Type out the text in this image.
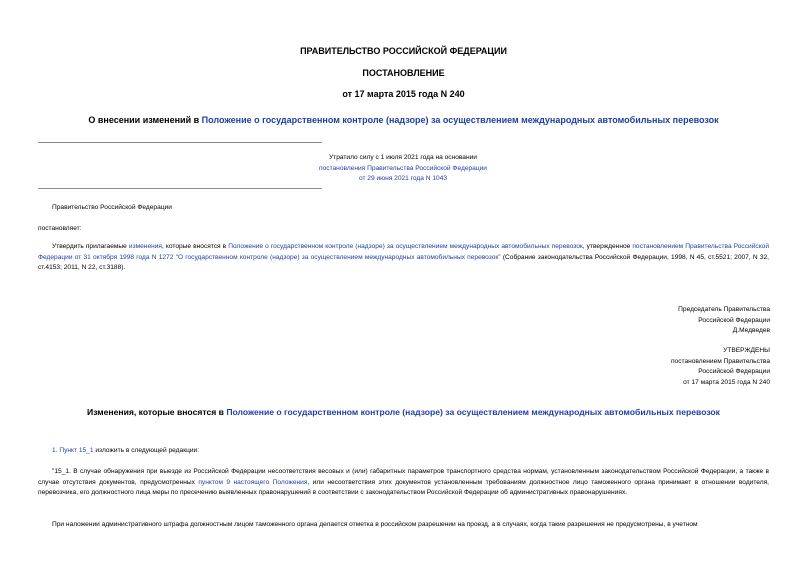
ПРАВИТЕЛЬСТВО РОССИЙСКОЙ ФЕДЕРАЦИИ
ПОСТАНОВЛЕНИЕ
от 17 марта 2015 года N 240
О внесении изменений в Положение о государственном контроле (надзоре) за осуществлением международных автомобильных перевозок
Утратило силу с 1 июля 2021 года на основании
постановления Правительства Российской Федерации
от 29 июня 2021 года N 1043
Правительство Российской Федерации
постановляет:
Утвердить прилагаемые изменения, которые вносятся в Положение о государственном контроле (надзоре) за осуществлением международных автомобильных перевозок, утвержденное постановлением Правительства Российской Федерации от 31 октября 1998 года N 1272 "О государственном контроле (надзоре) за осуществлением международных автомобильных перевозок" (Собрание законодательства Российской Федерации, 1998, N 45, ст.5521; 2007, N 32, ст.4153; 2011, N 22, ст.3188).
Председатель Правительства
Российской Федерации
Д.Медведев
УТВЕРЖДЕНЫ
постановлением Правительства
Российской Федерации
от 17 марта 2015 года N 240
Изменения, которые вносятся в Положение о государственном контроле (надзоре) за осуществлением международных автомобильных перевозок
1. Пункт 15_1 изложить в следующей редакции:
"15_1. В случае обнаружения при выезде из Российской Федерации несоответствия весовых и (или) габаритных параметров транспортного средства нормам, установленным законодательством Российской Федерации, а также в случае отсутствия документов, предусмотренных пунктом 9 настоящего Положения, или несоответствия этих документов установленным требованиям должностное лицо таможенного органа принимает в отношении водителя, перевозчика, его должностного лица меры по пресечению выявленных правонарушений в соответствии с законодательством Российской Федерации об административных правонарушениях.
При наложении административного штрафа должностным лицом таможенного органа делается отметка в российском разрешении на проезд, а в случаях, когда такие разрешения не предусмотрены, в учетном
